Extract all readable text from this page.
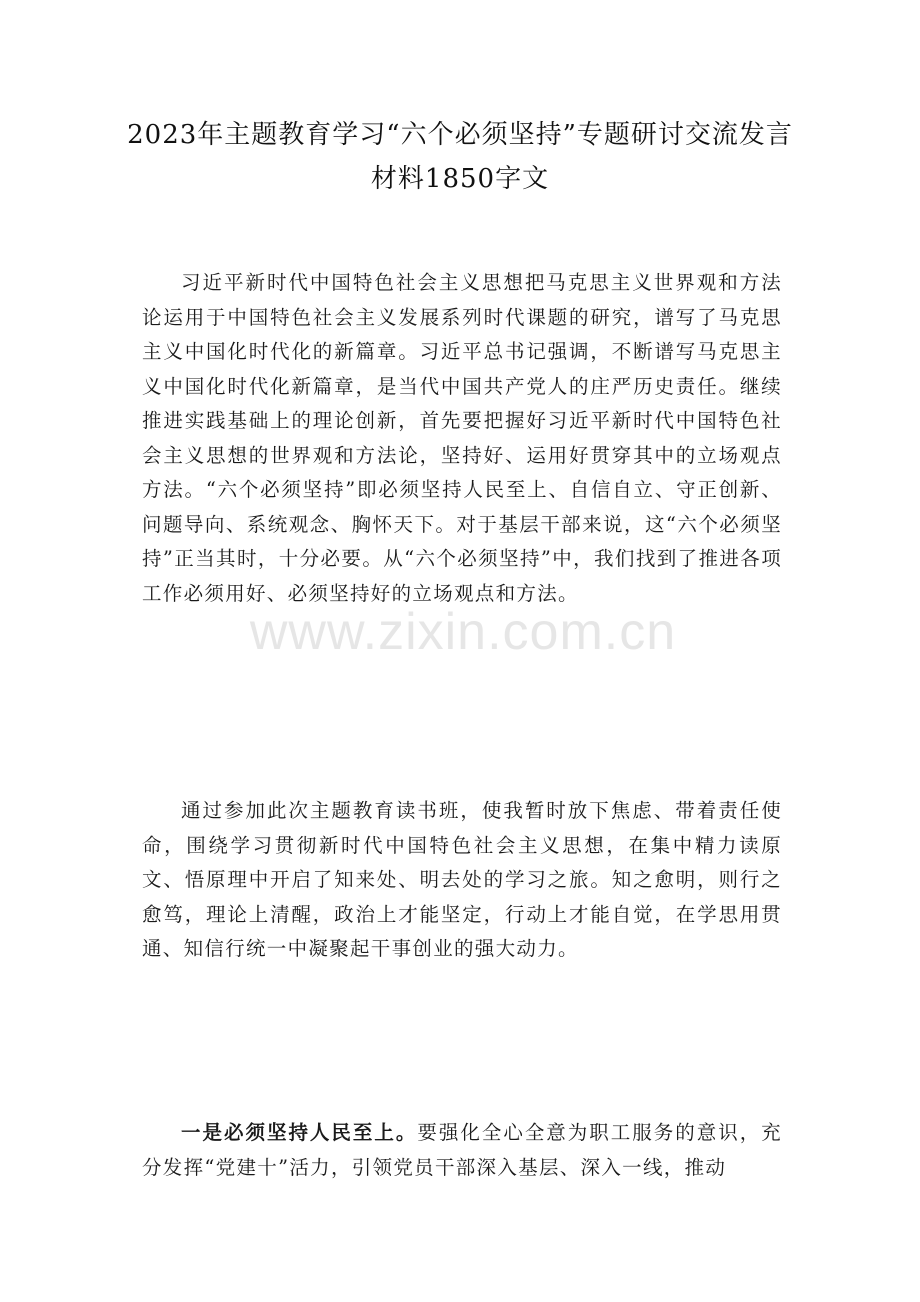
2023年主题教育学习“六个必须坚持”专题研讨交流发言材料1850字文

习近平新时代中国特色社会主义思想把马克思主义世界观和方法论运用于中国特色社会主义发展系列时代课题的研究，谱写了马克思主义中国化时代化的新篇章。习近平总书记强调，不断谱写马克思主义中国化时代化新篇章，是当代中国共产党人的庄严历史责任。继续推进实践基础上的理论创新，首先要把握好习近平新时代中国特色社会主义思想的世界观和方法论，坚持好、运用好贯穿其中的立场观点方法。“六个必须坚持”即必须坚持人民至上、自信自立、守正创新、问题导向、系统观念、胸怀天下。对于基层干部来说，这“六个必须坚持”正当其时，十分必要。从“六个必须坚持”中，我们找到了推进各项工作必须用好、必须坚持好的立场观点和方法。

通过参加此次主题教育读书班，使我暂时放下焦虑、带着责任使命，围绕学习贯彻新时代中国特色社会主义思想，在集中精力读原文、悟原理中开启了知来处、明去处的学习之旅。知之愈明，则行之愈笃，理论上清醒，政治上才能坚定，行动上才能自觉，在学思用贯通、知信行统一中凝聚起干事创业的强大动力。

一是必须坚持人民至上。要强化全心全意为职工服务的意识，充分发挥“党建十”活力，引领党员干部深入基层、深入一线，推动

www.zixin.com.cn
